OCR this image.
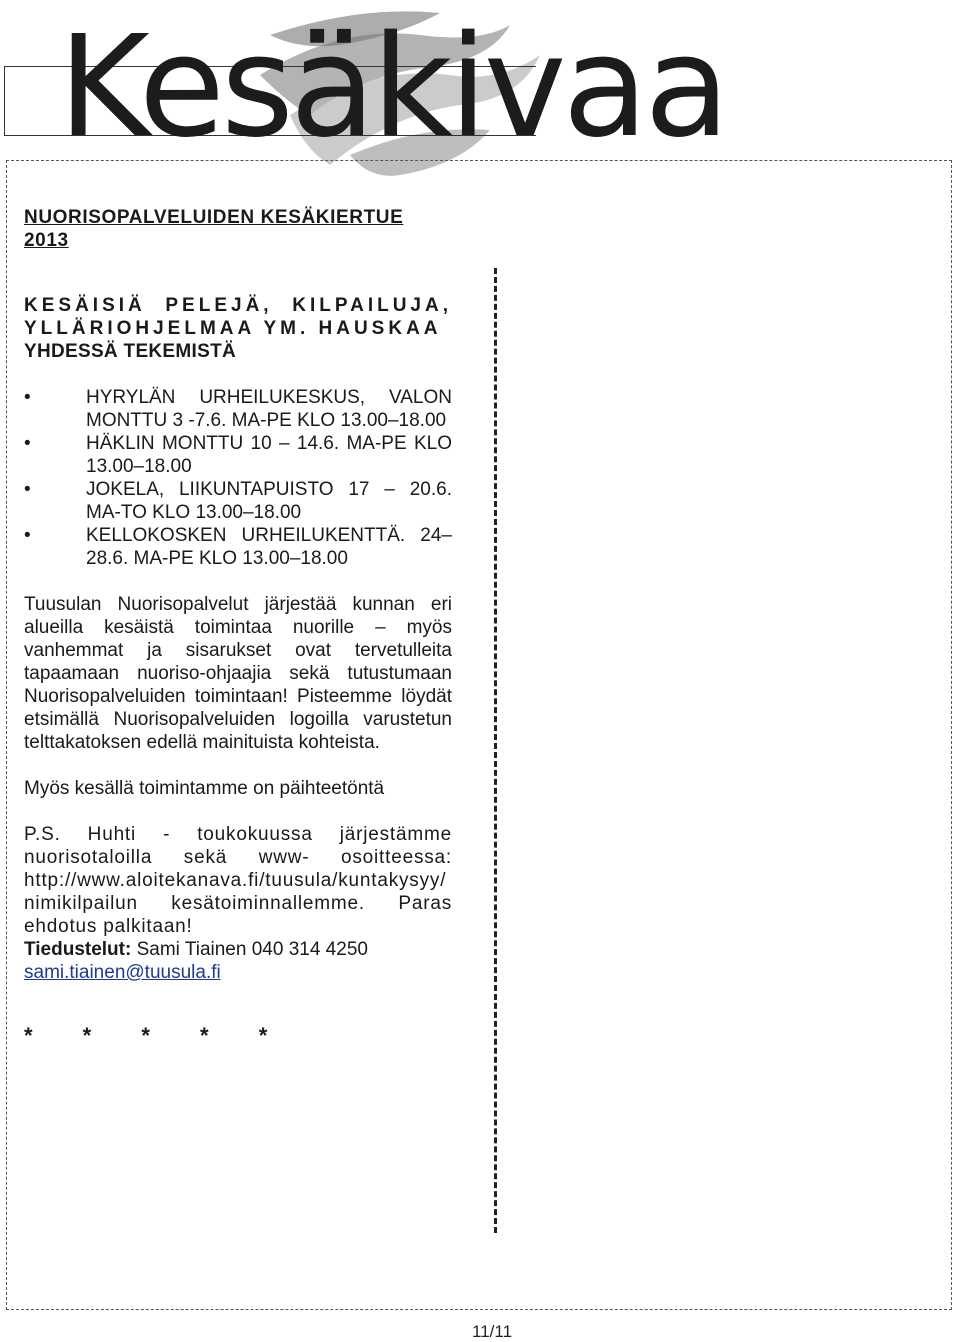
Kesäkivaa

NUORISOPALVELUIDEN KESÄKIERTUE 2013

KESÄISIÄ PELEJÄ, KILPAILUJA, YLLÄRIOHJELMAA YM. HAUSKAA

YHDESSÄ TEKEMISTÄ

• HYRYLÄN URHEILUKESKUS, VALON MONTTU 3 -7.6. MA-PE KLO 13.00–18.00
• HÄKLIN MONTTU 10 – 14.6. MA-PE KLO 13.00–18.00
• JOKELA, LIIKUNTAPUISTO 17 – 20.6. MA-TO KLO 13.00–18.00
• KELLOKOSKEN URHEILUKENTTÄ. 24– 28.6. MA-PE KLO 13.00–18.00

Tuusulan Nuorisopalvelut järjestää kunnan eri alueilla kesäistä toimintaa nuorille – myös vanhemmat ja sisarukset ovat tervetulleita tapaamaan nuoriso-ohjaajia sekä tutustumaan Nuorisopalveluiden toimintaan! Pisteemme löydät etsimällä Nuorisopalveluiden logoilla varustetun telttakatoksen edellä mainituista kohteista.

Myös kesällä toimintamme on päihteetöntä

P.S. Huhti - toukokuussa järjestämme nuorisotaloilla sekä www- osoitteessa: http://www.aloitekanava.fi/tuusula/kuntakysyy/ nimikilpailun kesätoiminnallemme. Paras ehdotus palkitaan!

Tiedustelut: Sami Tiainen 040 314 4250

sami.tiainen@tuusula.fi
* * * * *
11/11
